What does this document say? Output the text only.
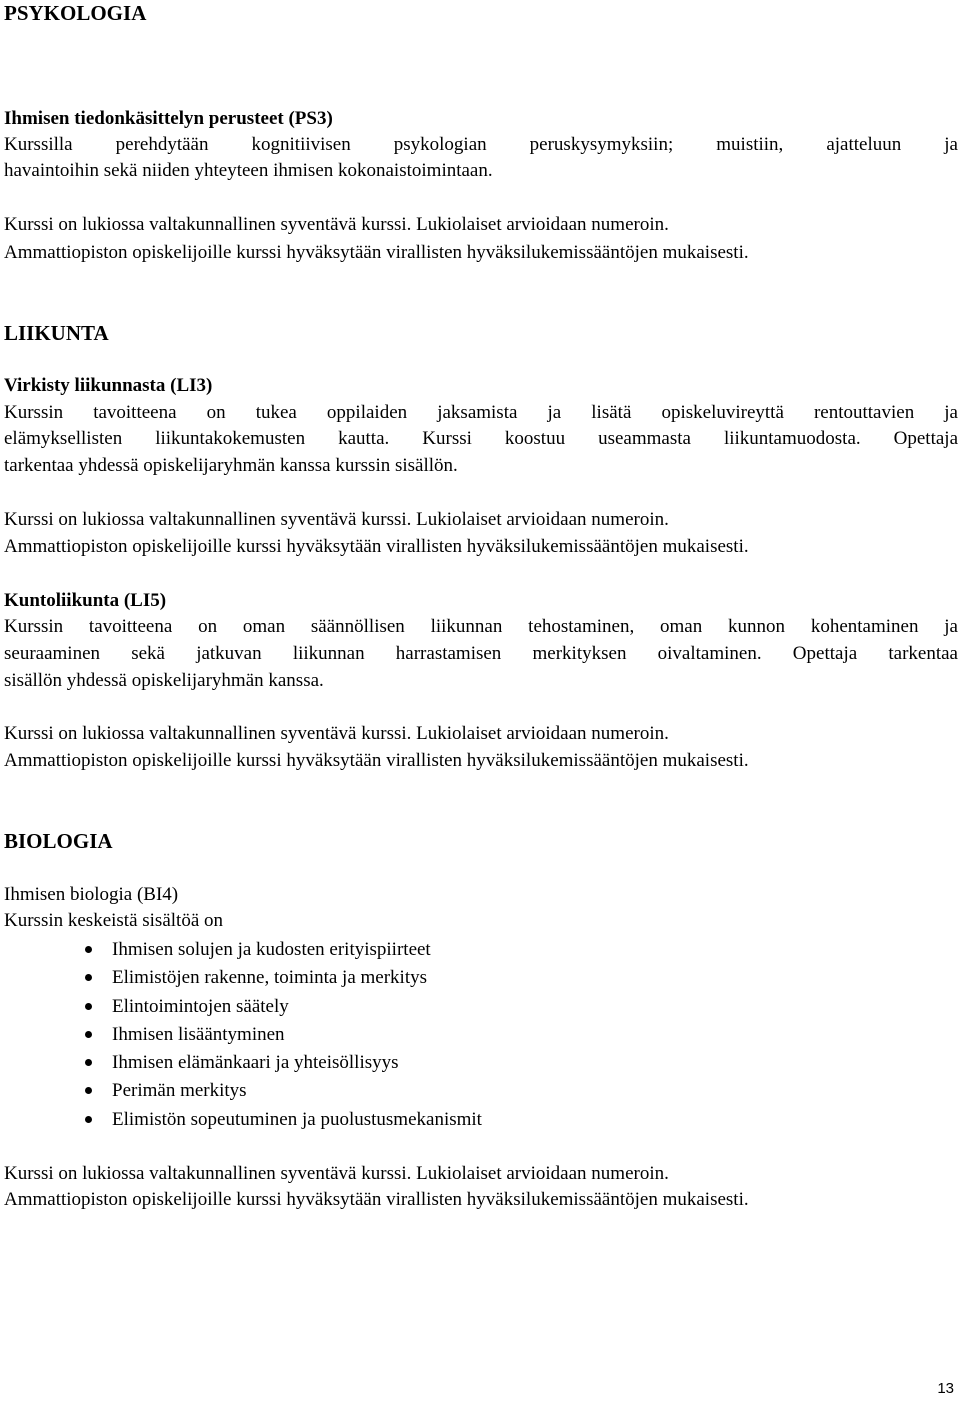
PSYKOLOGIA
Ihmisen tiedonkäsittelyn perusteet (PS3)
Kurssilla perehdytään kognitiivisen psykologian peruskysymyksiin; muistiin, ajatteluun ja
havaintoihin sekä niiden yhteyteen ihmisen kokonaistoimintaan.
Kurssi on lukiossa valtakunnallinen syventävä kurssi. Lukiolaiset arvioidaan numeroin.
Ammattiopiston opiskelijoille kurssi hyväksytään virallisten hyväksilukemissääntöjen mukaisesti.
LIIKUNTA
Virkisty liikunnasta (LI3)
Kurssin tavoitteena on tukea oppilaiden jaksamista ja lisätä opiskeluvireyttä rentouttavien ja
elämyksellisten liikuntakokemusten kautta. Kurssi koostuu useammasta liikuntamuodosta. Opettaja
tarkentaa yhdessä opiskelijaryhmän kanssa kurssin sisällön.
Kurssi on lukiossa valtakunnallinen syventävä kurssi. Lukiolaiset arvioidaan numeroin.
Ammattiopiston opiskelijoille kurssi hyväksytään virallisten hyväksilukemissääntöjen mukaisesti.
Kuntoliikunta (LI5)
Kurssin tavoitteena on oman säännöllisen liikunnan tehostaminen, oman kunnon kohentaminen ja
seuraaminen sekä jatkuvan liikunnan harrastamisen merkityksen oivaltaminen. Opettaja tarkentaa
sisällön yhdessä opiskelijaryhmän kanssa.
Kurssi on lukiossa valtakunnallinen syventävä kurssi. Lukiolaiset arvioidaan numeroin.
Ammattiopiston opiskelijoille kurssi hyväksytään virallisten hyväksilukemissääntöjen mukaisesti.
BIOLOGIA
Ihmisen biologia (BI4)
Kurssin keskeistä sisältöä on
Ihmisen solujen ja kudosten erityispiirteet
Elimistöjen rakenne, toiminta ja merkitys
Elintoimintojen säätely
Ihmisen lisääntyminen
Ihmisen elämänkaari ja yhteisöllisyys
Perimän merkitys
Elimistön sopeutuminen ja puolustusmekanismit
Kurssi on lukiossa valtakunnallinen syventävä kurssi. Lukiolaiset arvioidaan numeroin.
Ammattiopiston opiskelijoille kurssi hyväksytään virallisten hyväksilukemissääntöjen mukaisesti.
13
